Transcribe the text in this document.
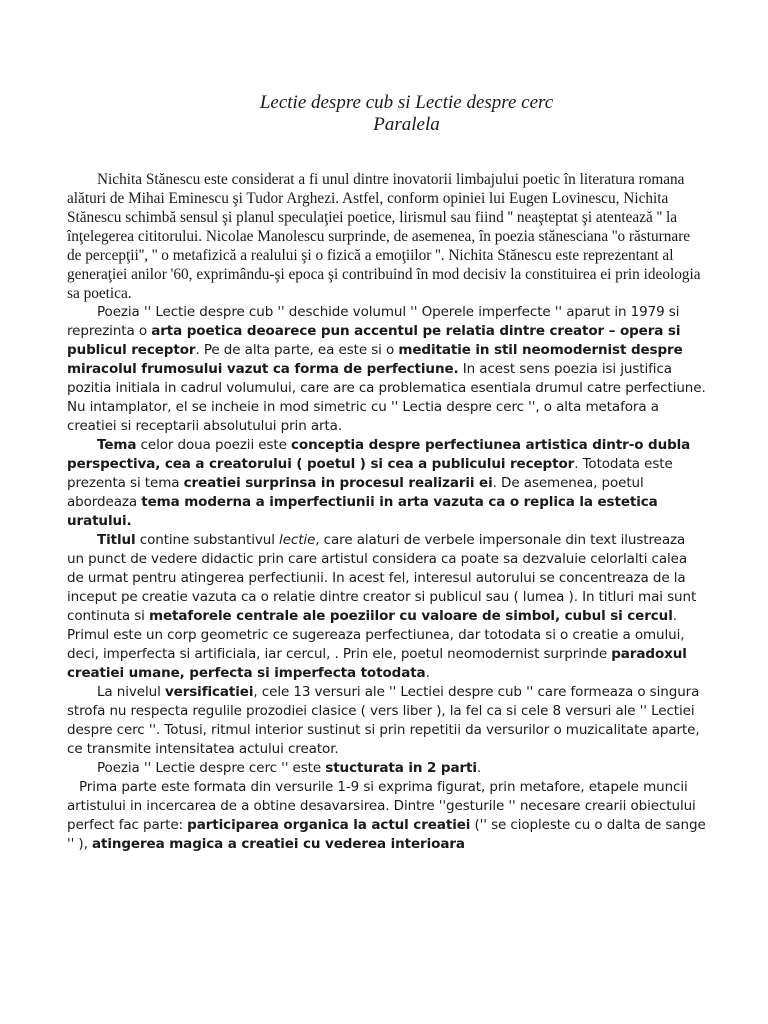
Lectie despre cub si Lectie despre cerc
Paralela

Nichita Stănescu este considerat a fi unul dintre inovatorii limbajului poetic în literatura romana alături de Mihai Eminescu şi Tudor Arghezi. Astfel, conform opiniei lui Eugen Lovinescu, Nichita Stănescu schimbă sensul şi planul speculaţiei poetice, lirismul sau fiind '' neaşteptat şi atentează '' la înţelegerea cititorului. Nicolae Manolescu surprinde, de asemenea, în poezia stănesciana ''o răsturnare de percepţii'', '' o metafizică a realului şi o fizică a emoţiilor ''. Nichita Stănescu este reprezentant al generaţiei anilor '60, exprimându-şi epoca şi contribuind în mod decisiv la constituirea ei prin ideologia sa poetica.

Poezia '' Lectie despre cub '' deschide volumul '' Operele imperfecte '' aparut in 1979 si reprezinta o arta poetica deoarece pun accentul pe relatia dintre creator – opera si publicul receptor. Pe de alta parte, ea este si o meditatie in stil neomodernist despre miracolul frumosului vazut ca forma de perfectiune. In acest sens poezia isi justifica pozitia initiala in cadrul volumului, care are ca problematica esentiala drumul catre perfectiune. Nu intamplator, el se incheie in mod simetric cu '' Lectia despre cerc '', o alta metafora a creatiei si receptarii absolutului prin arta.

Tema celor doua poezii este conceptia despre perfectiunea artistica dintr-o dubla perspectiva, cea a creatorului ( poetul ) si cea a publicului receptor. Totodata este prezenta si tema creatiei surprinsa in procesul realizarii ei. De asemenea, poetul abordeaza tema moderna a imperfectiunii in arta vazuta ca o replica la estetica uratului.

Titlul contine substantivul lectie, care alaturi de verbele impersonale din text ilustreaza un punct de vedere didactic prin care artistul considera ca poate sa dezvaluie celorlalti calea de urmat pentru atingerea perfectiunii. In acest fel, interesul autorului se concentreaza de la inceput pe creatie vazuta ca o relatie dintre creator si publicul sau ( lumea ). In titluri mai sunt continuta si metaforele centrale ale poeziilor cu valoare de simbol, cubul si cercul. Primul este un corp geometric ce sugereaza perfectiunea, dar totodata si o creatie a omului, deci, imperfecta si artificiala, iar cercul, . Prin ele, poetul neomodernist surprinde paradoxul creatiei umane, perfecta si imperfecta totodata.

La nivelul versificatiei, cele 13 versuri ale '' Lectiei despre cub '' care formeaza o singura strofa nu respecta regulile prozodiei clasice ( vers liber ), la fel ca si cele 8 versuri ale '' Lectiei despre cerc ''. Totusi, ritmul interior sustinut si prin repetitii da versurilor o muzicalitate aparte, ce transmite intensitatea actului creator.

Poezia '' Lectie despre cerc '' este stucturata in 2 parti.

Prima parte este formata din versurile 1-9 si exprima figurat, prin metafore, etapele muncii artistului in incercarea de a obtine desavarsirea. Dintre ''gesturile '' necesare crearii obiectului perfect fac parte: participarea organica la actul creatiei ('' se ciopleste cu o dalta de sange '' ), atingerea magica a creatiei cu vederea interioara
